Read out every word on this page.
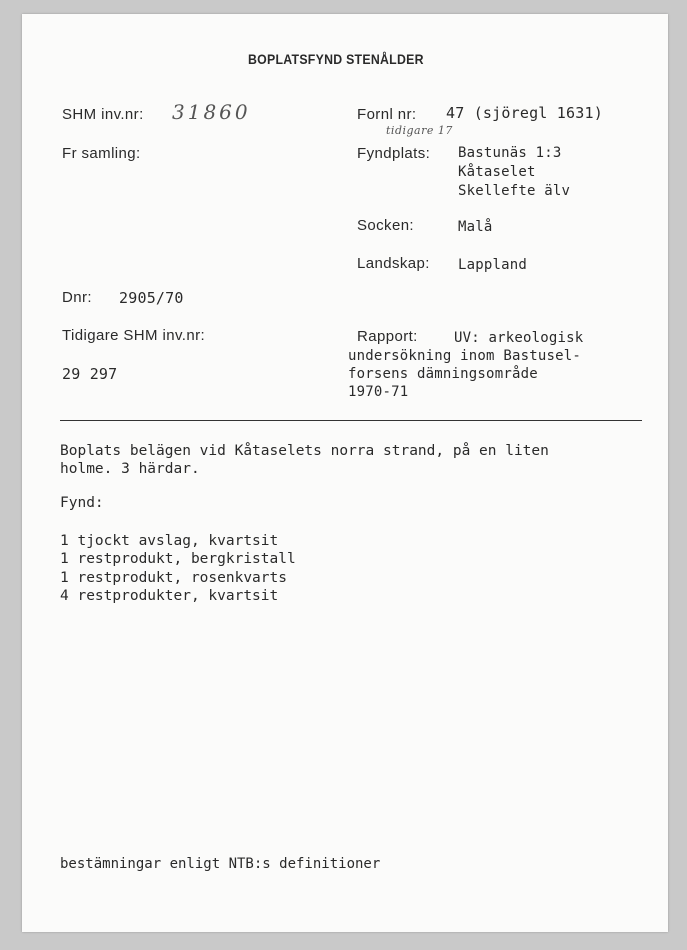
BOPLATSFYND STENÅLDER
SHM inv.nr: 31860
Fr samling:
Dnr: 2905/70
Tidigare SHM inv.nr:
29 297
Fornl nr: 47 (sjöregl 1631)
tidigare 17
Fyndplats: Bastunäs 1:3
Kåtaselet
Skellefte älv
Socken:	Malå
Landskap: Lappland
Rapport:	UV: arkeologisk
undersökning inom Bastusel-
forsens dämningsområde
1970-71
Boplats belägen vid Kåtaselets norra strand, på en liten
holme. 3 härdar.
Fynd:
1 tjockt avslag, kvartsit
1 restprodukt, bergkristall
1 restprodukt, rosenkvarts
4 restprodukter, kvartsit
bestämningar enligt NTB:s definitioner
